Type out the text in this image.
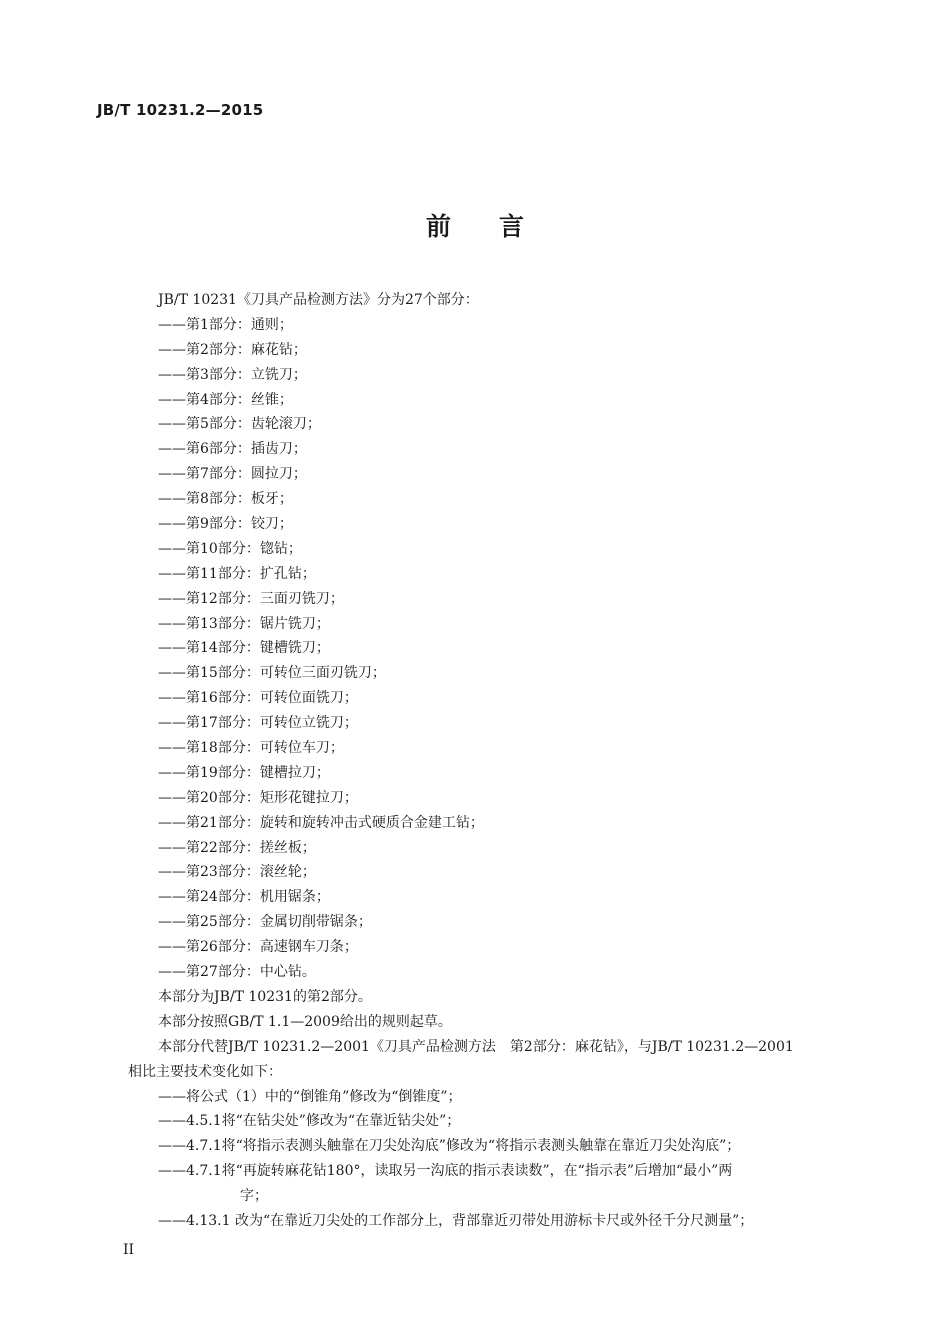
JB/T 10231.2—2015
前言
JB/T 10231《刀具产品检测方法》分为27个部分：
——第1部分：通则；
——第2部分：麻花钻；
——第3部分：立铣刀；
——第4部分：丝锥；
——第5部分：齿轮滚刀；
——第6部分：插齿刀；
——第7部分：圆拉刀；
——第8部分：板牙；
——第9部分：铰刀；
——第10部分：锪钻；
——第11部分：扩孔钻；
——第12部分：三面刃铣刀；
——第13部分：锯片铣刀；
——第14部分：键槽铣刀；
——第15部分：可转位三面刃铣刀；
——第16部分：可转位面铣刀；
——第17部分：可转位立铣刀；
——第18部分：可转位车刀；
——第19部分：键槽拉刀；
——第20部分：矩形花键拉刀；
——第21部分：旋转和旋转冲击式硬质合金建工钻；
——第22部分：搓丝板；
——第23部分：滚丝轮；
——第24部分：机用锯条；
——第25部分：金属切削带锯条；
——第26部分：高速钢车刀条；
——第27部分：中心钻。
本部分为JB/T 10231的第2部分。
本部分按照GB/T 1.1—2009给出的规则起草。
本部分代替JB/T 10231.2—2001《刀具产品检测方法　第2部分：麻花钻》，与JB/T 10231.2—2001
相比主要技术变化如下：
——将公式（1）中的“倒锥角”修改为“倒锥度”；
——4.5.1将“在钻尖处”修改为“在靠近钻尖处”；
——4.7.1将“将指示表测头触靠在刀尖处沟底”修改为“将指示表测头触靠在靠近刀尖处沟底”；
——4.7.1将“再旋转麻花钻180°，读取另一沟底的指示表读数”，在“指示表”后增加“最小”两
字；
——4.13.1 改为“在靠近刀尖处的工作部分上，背部靠近刃带处用游标卡尺或外径千分尺测量”；
II
